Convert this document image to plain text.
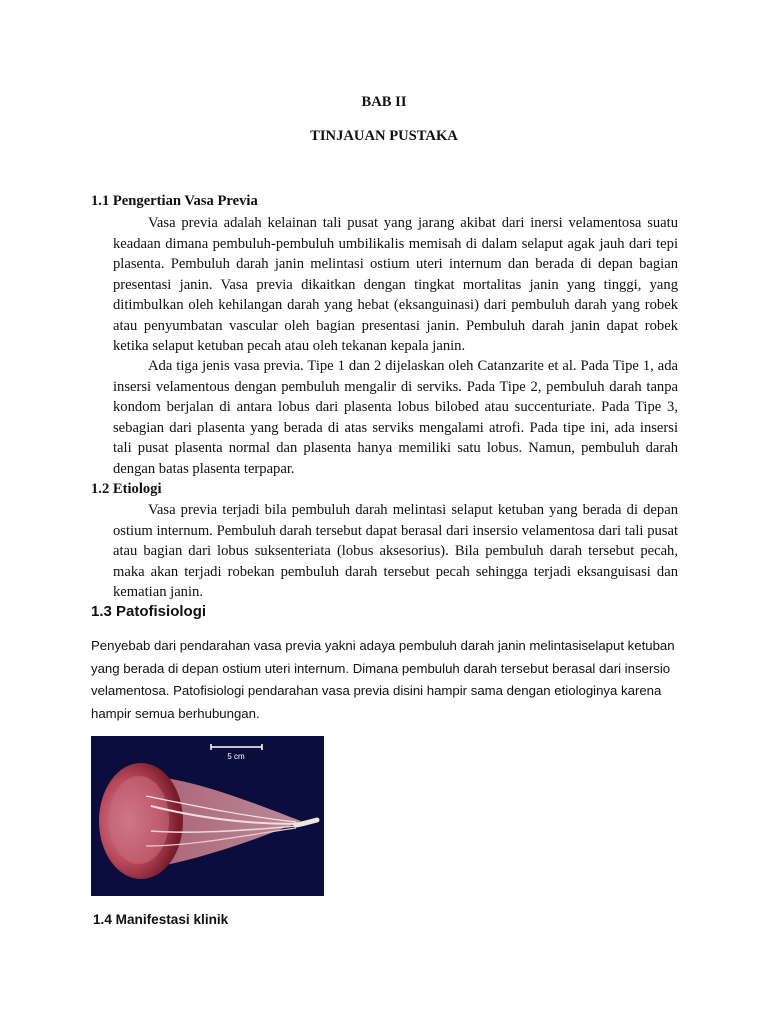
BAB II
TINJAUAN PUSTAKA
1.1 Pengertian Vasa Previa

Vasa previa adalah kelainan tali pusat yang jarang akibat dari inersi velamentosa suatu keadaan dimana pembuluh-pembuluh umbilikalis memisah di dalam selaput agak jauh dari tepi plasenta. Pembuluh darah janin melintasi ostium uteri internum dan berada di depan bagian presentasi janin. Vasa previa dikaitkan dengan tingkat mortalitas janin yang tinggi, yang ditimbulkan oleh kehilangan darah yang hebat (eksanguinasi) dari pembuluh darah yang robek atau penyumbatan vascular oleh bagian presentasi janin. Pembuluh darah janin dapat robek ketika selaput ketuban pecah atau oleh tekanan kepala janin.

Ada tiga jenis vasa previa. Tipe 1 dan 2 dijelaskan oleh Catanzarite et al. Pada Tipe 1, ada insersi velamentous dengan pembuluh mengalir di serviks. Pada Tipe 2, pembuluh darah tanpa kondom berjalan di antara lobus dari plasenta lobus bilobed atau succenturiate. Pada Tipe 3, sebagian dari plasenta yang berada di atas serviks mengalami atrofi. Pada tipe ini, ada insersi tali pusat plasenta normal dan plasenta hanya memiliki satu lobus. Namun, pembuluh darah dengan batas plasenta terpapar.

1.2 Etiologi

Vasa previa terjadi bila pembuluh darah melintasi selaput ketuban yang berada di depan ostium internum. Pembuluh darah tersebut dapat berasal dari insersio velamentosa dari tali pusat atau bagian dari lobus suksenteriata (lobus aksesorius). Bila pembuluh darah tersebut pecah, maka akan terjadi robekan pembuluh darah tersebut pecah sehingga terjadi eksanguisasi dan kematian janin.

1.3 Patofisiologi

Penyebab dari pendarahan vasa previa yakni adaya pembuluh darah janin melintasiselaput ketuban yang berada di depan ostium uteri internum. Dimana pembuluh darah tersebut berasal dari insersio velamentosa. Patofisiologi pendarahan vasa previa disini hampir sama dengan etiologinya karena hampir semua berhubungan.

5 cm
1.4 Manifestasi klinik
